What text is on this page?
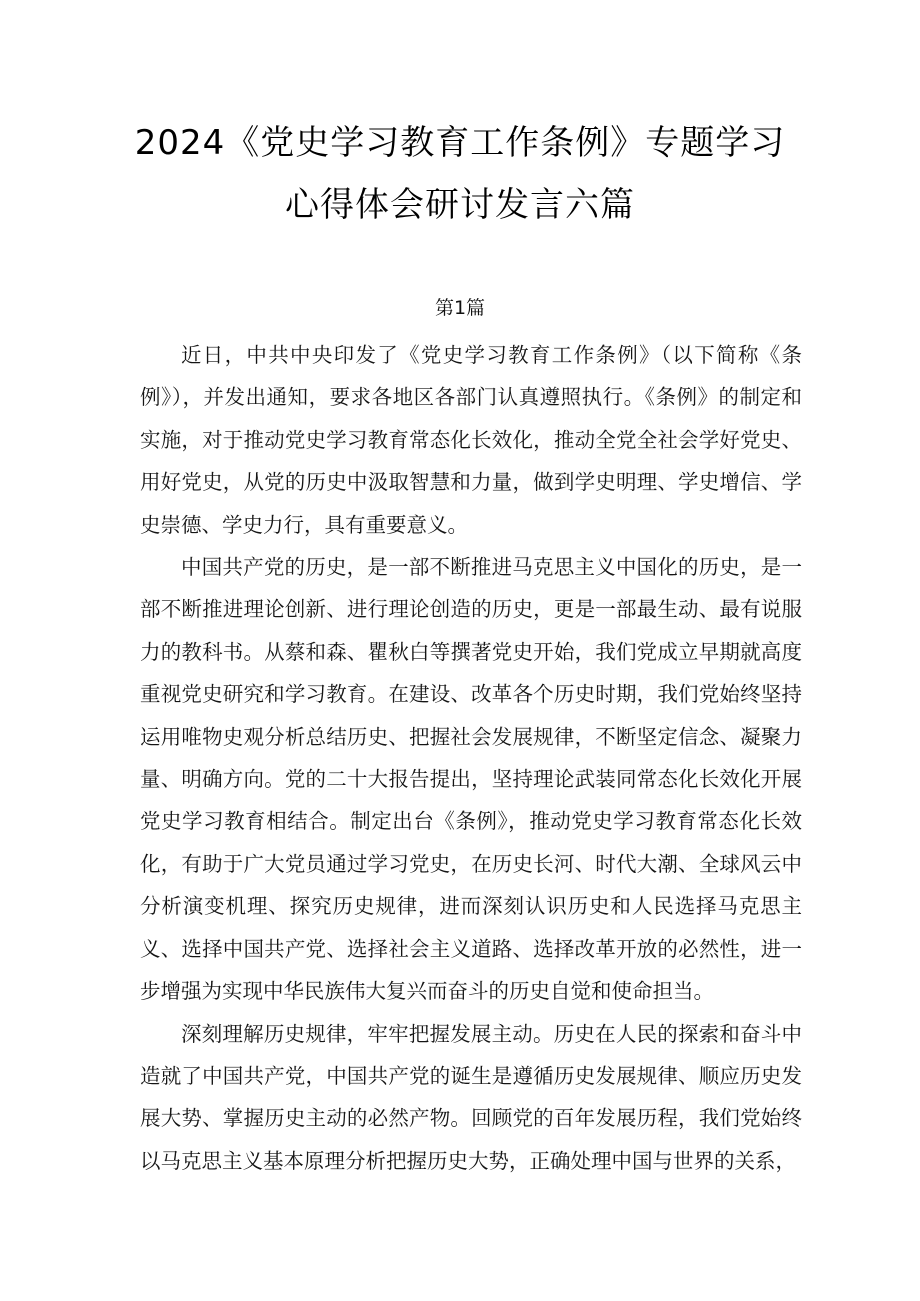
2024《党史学习教育工作条例》专题学习
心得体会研讨发言六篇
第1篇

近日，中共中央印发了《党史学习教育工作条例》（以下简称《条例》），并发出通知，要求各地区各部门认真遵照执行。《条例》的制定和实施，对于推动党史学习教育常态化长效化，推动全党全社会学好党史、用好党史，从党的历史中汲取智慧和力量，做到学史明理、学史增信、学史崇德、学史力行，具有重要意义。

中国共产党的历史，是一部不断推进马克思主义中国化的历史，是一部不断推进理论创新、进行理论创造的历史，更是一部最生动、最有说服力的教科书。从蔡和森、瞿秋白等撰著党史开始，我们党成立早期就高度重视党史研究和学习教育。在建设、改革各个历史时期，我们党始终坚持运用唯物史观分析总结历史、把握社会发展规律，不断坚定信念、凝聚力量、明确方向。党的二十大报告提出，坚持理论武装同常态化长效化开展党史学习教育相结合。制定出台《条例》，推动党史学习教育常态化长效化，有助于广大党员通过学习党史，在历史长河、时代大潮、全球风云中分析演变机理、探究历史规律，进而深刻认识历史和人民选择马克思主义、选择中国共产党、选择社会主义道路、选择改革开放的必然性，进一步增强为实现中华民族伟大复兴而奋斗的历史自觉和使命担当。

深刻理解历史规律，牢牢把握发展主动。历史在人民的探索和奋斗中造就了中国共产党，中国共产党的诞生是遵循历史发展规律、顺应历史发展大势、掌握历史主动的必然产物。回顾党的百年发展历程，我们党始终以马克思主义基本原理分析把握历史大势，正确处理中国与世界的关系，
